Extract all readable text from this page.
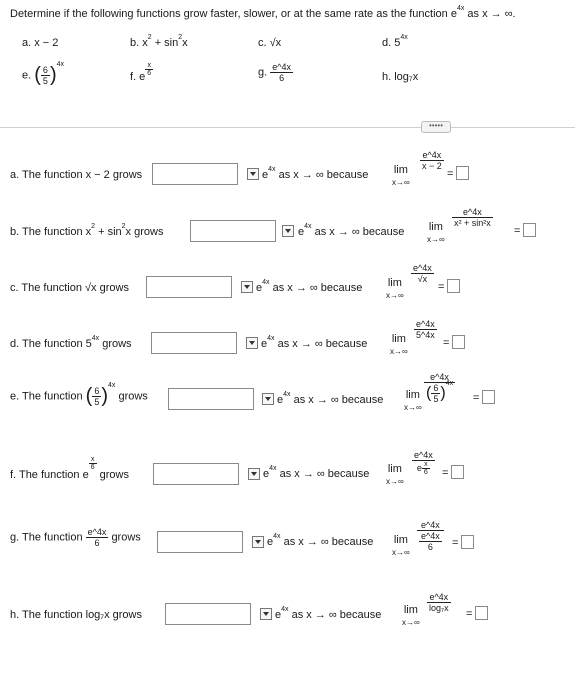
Determine if the following functions grow faster, slower, or at the same rate as the function $e^{4x}$ as x → ∞.
a. x − 2	b. $x^2 + \sin^2x$	c. √x	d. $5^{4x}$
e. ( $\frac{6}{5} )^{4x}$
f. e
$\frac{x}{6}$	g. $\frac{e\^{}4x}{6}$	h. log₇x
•••••
a. The function x − 2 grows	$e^{4x}$ as x → ∞ because lim
x→∞
$\frac{e\^{}4x}{x - 2}$
=
b. The function $x^2 + \sin^2x$ grows	$e^{4x}$ as x → ∞ because lim
x→∞
$\frac{e\^{}4x}{\text{x² + sin²x}}$
=
c. The function √x grows	$e^{4x}$ as x → ∞ because lim
x→∞
$\frac{e\^{}4x}{√x}$
=
d. The function $5^{4x}$ grows	$e^{4x}$ as x → ∞ because lim
x→∞
$\frac{e\^{}4x}{5\^{}4x}$
=
e. The function ( $\frac{6}{5} )^{4x}$ grows	$e^{4x}$ as x → ∞ because lim
x→∞
$\frac{e\^{}4x}{( \frac{6}{5} )^{4x}}$ =
f. The function e
$\frac{x}{6}$
grows	$e^{4x}$ as x → ∞ because lim
x→∞
$\frac{e\^{}4x}{e \frac{x}{6}}$ =
g. The function $\frac{e\^{}4x}{6}$ grows	$e^{4x}$ as x → ∞ because lim
x→∞
$\frac{e\^{}4x}{\frac{e\^{}4x}{6}}$ =
h. The function log₇x grows	$e^{4x}$ as x → ∞ because lim
x→∞
$\frac{e\^{}4x}{\text{log₇x}}$
=
